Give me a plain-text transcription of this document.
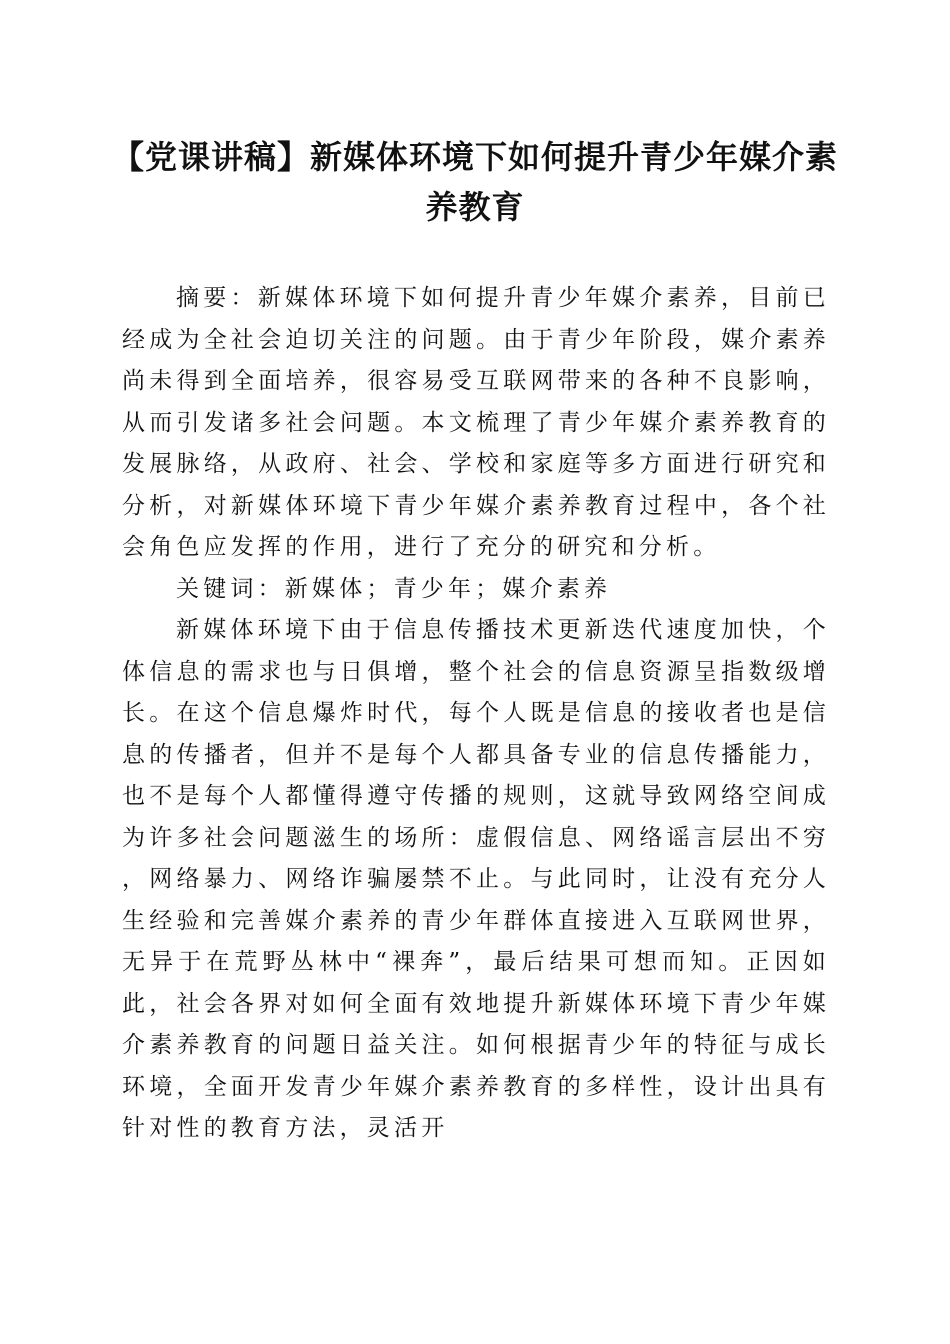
【党课讲稿】新媒体环境下如何提升青少年媒介素养教育

摘要：新媒体环境下如何提升青少年媒介素养，目前已经成为全社会迫切关注的问题。由于青少年阶段，媒介素养尚未得到全面培养，很容易受互联网带来的各种不良影响，从而引发诸多社会问题。本文梳理了青少年媒介素养教育的发展脉络，从政府、社会、学校和家庭等多方面进行研究和分析，对新媒体环境下青少年媒介素养教育过程中，各个社会角色应发挥的作用，进行了充分的研究和分析。

关键词：新媒体；青少年；媒介素养

新媒体环境下由于信息传播技术更新迭代速度加快，个体信息的需求也与日俱增，整个社会的信息资源呈指数级增长。在这个信息爆炸时代，每个人既是信息的接收者也是信息的传播者，但并不是每个人都具备专业的信息传播能力，也不是每个人都懂得遵守传播的规则，这就导致网络空间成为许多社会问题滋生的场所：虚假信息、网络谣言层出不穷，网络暴力、网络诈骗屡禁不止。与此同时，让没有充分人生经验和完善媒介素养的青少年群体直接进入互联网世界，无异于在荒野丛林中“裸奔”，最后结果可想而知。正因如此，社会各界对如何全面有效地提升新媒体环境下青少年媒介素养教育的问题日益关注。如何根据青少年的特征与成长环境，全面开发青少年媒介素养教育的多样性，设计出具有针对性的教育方法，灵活开
